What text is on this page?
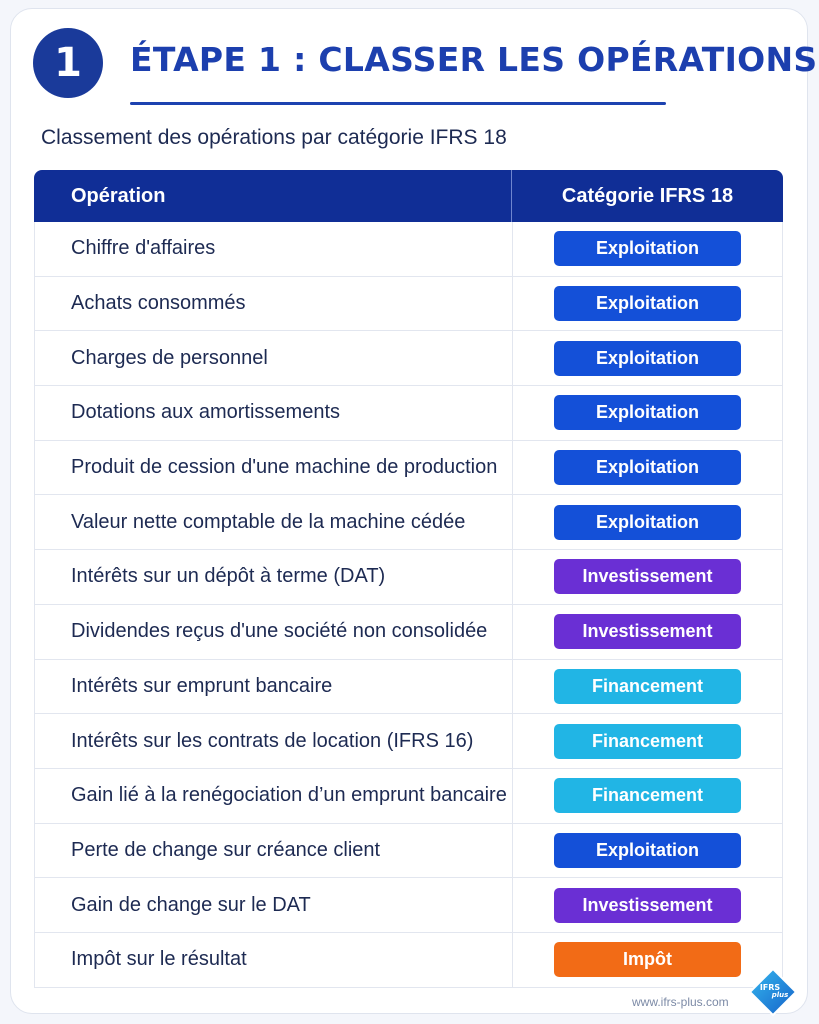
1	ÉTAPE 1 : CLASSER LES OPÉRATIONS
Classement des opérations par catégorie IFRS 18
Opération	Catégorie IFRS 18
Chiffre d'affaires	Exploitation
Achats consommés	Exploitation
Charges de personnel	Exploitation
Dotations aux amortissements	Exploitation
Produit de cession d'une machine de production	Exploitation
Valeur nette comptable de la machine cédée	Exploitation
Intérêts sur un dépôt à terme (DAT)	Investissement
Dividendes reçus d'une société non consolidée	Investissement
Intérêts sur emprunt bancaire	Financement
Intérêts sur les contrats de location (IFRS 16)	Financement
Gain lié à la renégociation d’un emprunt bancaire	Financement
Perte de change sur créance client	Exploitation
Gain de change sur le DAT	Investissement
Impôt sur le résultat	Impôt
IFRS
plus
www.ifrs-plus.com
